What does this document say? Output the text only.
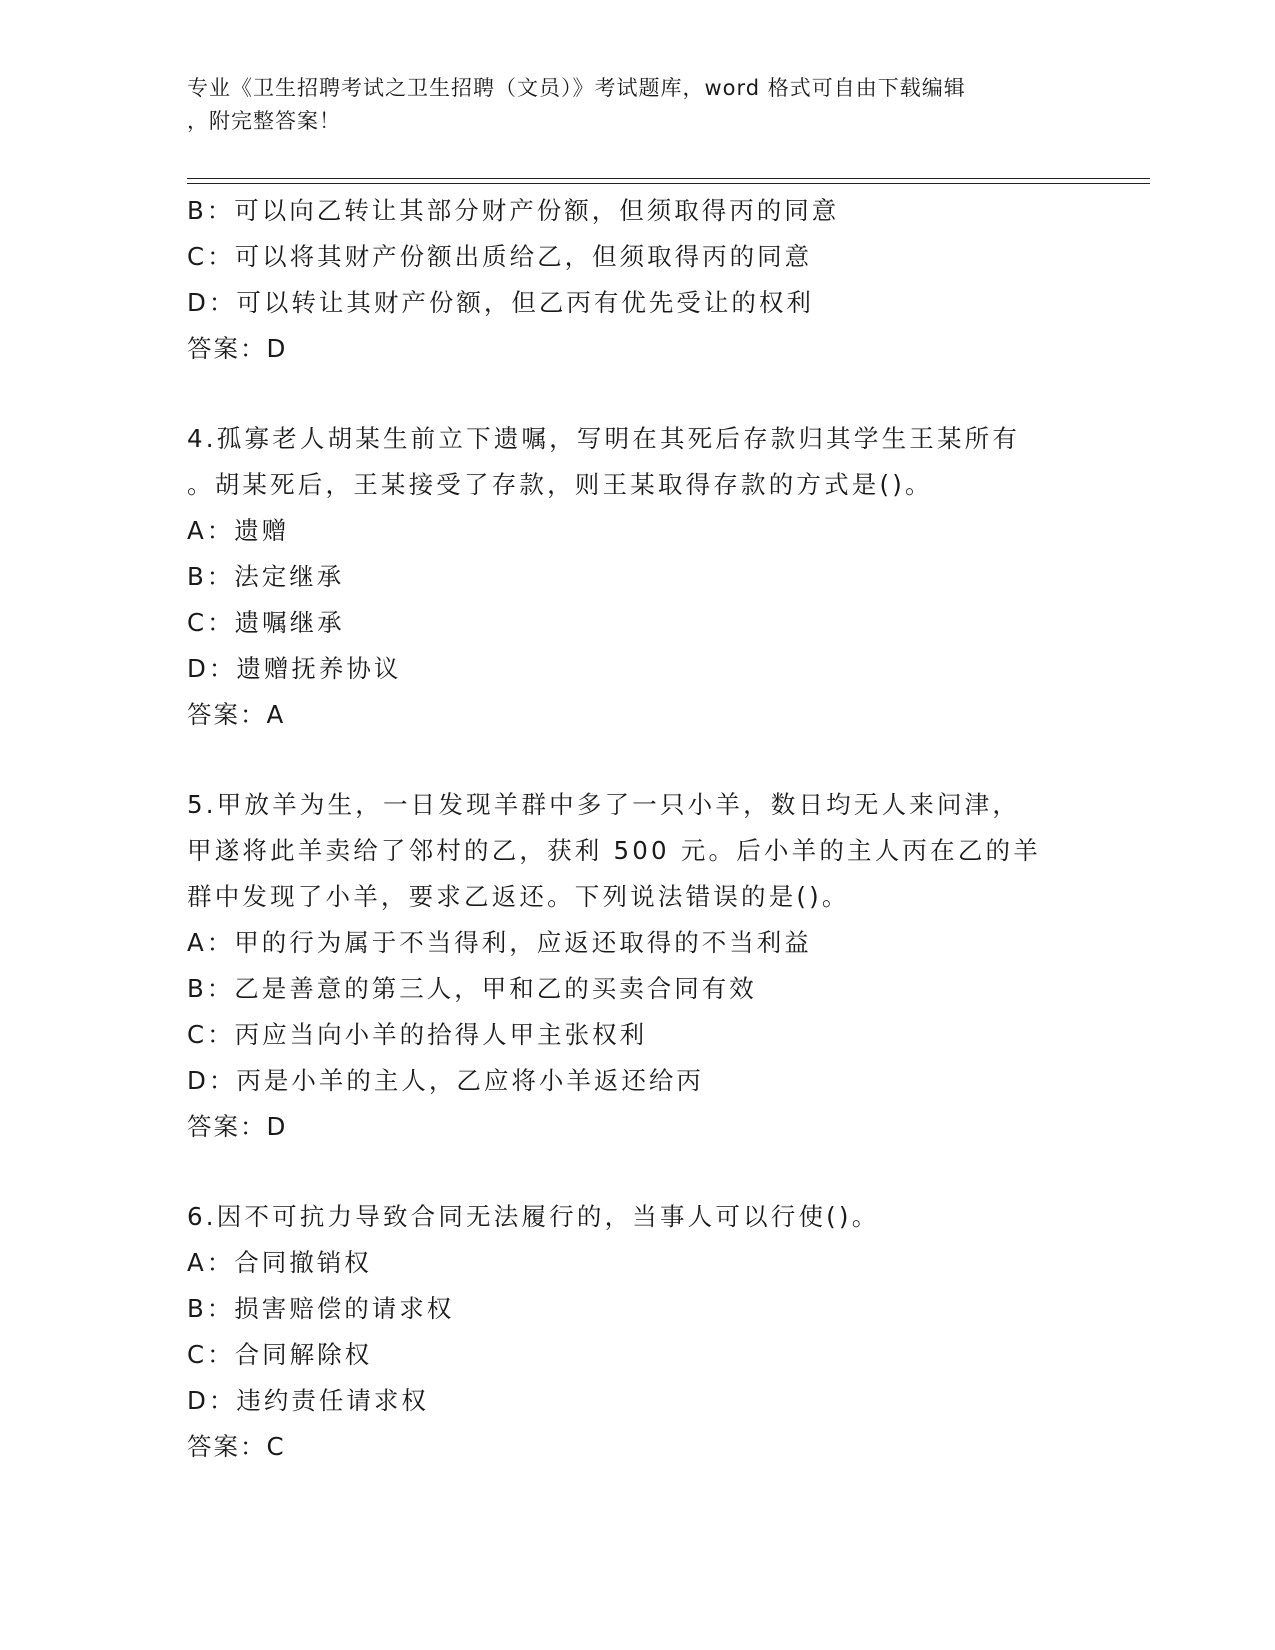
专业《卫生招聘考试之卫生招聘（文员）》考试题库，word 格式可自由下载编辑
，附完整答案！
B：可以向乙转让其部分财产份额，但须取得丙的同意
C：可以将其财产份额出质给乙，但须取得丙的同意
D：可以转让其财产份额，但乙丙有优先受让的权利
答案：D
4.孤寡老人胡某生前立下遗嘱，写明在其死后存款归其学生王某所有
。胡某死后，王某接受了存款，则王某取得存款的方式是()。
A：遗赠
B：法定继承
C：遗嘱继承
D：遗赠抚养协议
答案：A
5.甲放羊为生，一日发现羊群中多了一只小羊，数日均无人来问津，
甲遂将此羊卖给了邻村的乙，获利 500 元。后小羊的主人丙在乙的羊
群中发现了小羊，要求乙返还。下列说法错误的是()。
A：甲的行为属于不当得利，应返还取得的不当利益
B：乙是善意的第三人，甲和乙的买卖合同有效
C：丙应当向小羊的拾得人甲主张权利
D：丙是小羊的主人，乙应将小羊返还给丙
答案：D
6.因不可抗力导致合同无法履行的，当事人可以行使()。
A：合同撤销权
B：损害赔偿的请求权
C：合同解除权
D：违约责任请求权
答案：C
